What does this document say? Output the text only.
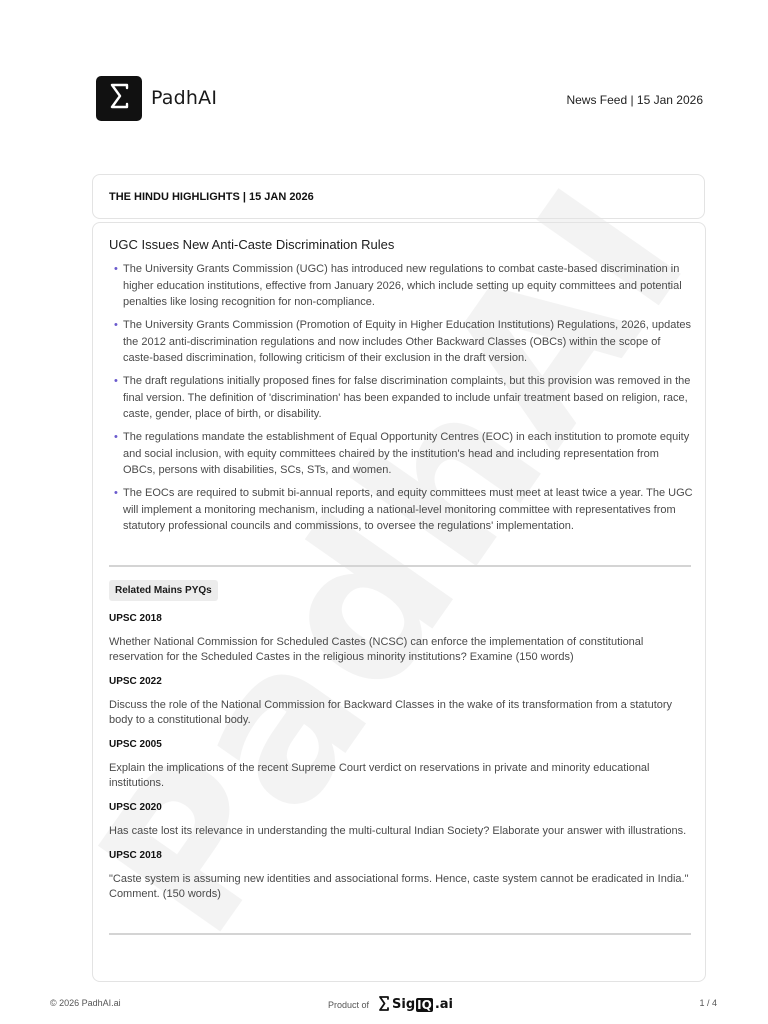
PadhAI	News Feed | 15 Jan 2026
THE HINDU HIGHLIGHTS | 15 JAN 2026
UGC Issues New Anti-Caste Discrimination Rules
• The University Grants Commission (UGC) has introduced new regulations to combat caste-based discrimination in higher education institutions, effective from January 2026, which include setting up equity committees and potential penalties like losing recognition for non-compliance.
• The University Grants Commission (Promotion of Equity in Higher Education Institutions) Regulations, 2026, updates the 2012 anti-discrimination regulations and now includes Other Backward Classes (OBCs) within the scope of caste-based discrimination, following criticism of their exclusion in the draft version.
• The draft regulations initially proposed fines for false discrimination complaints, but this provision was removed in the final version. The definition of 'discrimination' has been expanded to include unfair treatment based on religion, race, caste, gender, place of birth, or disability.
• The regulations mandate the establishment of Equal Opportunity Centres (EOC) in each institution to promote equity and social inclusion, with equity committees chaired by the institution's head and including representation from OBCs, persons with disabilities, SCs, STs, and women.
• The EOCs are required to submit bi-annual reports, and equity committees must meet at least twice a year. The UGC will implement a monitoring mechanism, including a national-level monitoring committee with representatives from statutory professional councils and commissions, to oversee the regulations' implementation.
Related Mains PYQs
UPSC 2018
Whether National Commission for Scheduled Castes (NCSC) can enforce the implementation of constitutional reservation for the Scheduled Castes in the religious minority institutions? Examine (150 words)
UPSC 2022
Discuss the role of the National Commission for Backward Classes in the wake of its transformation from a statutory body to a constitutional body.
UPSC 2005
Explain the implications of the recent Supreme Court verdict on reservations in private and minority educational institutions.
UPSC 2020
Has caste lost its relevance in understanding the multi-cultural Indian Society? Elaborate your answer with illustrations.
UPSC 2018
"Caste system is assuming new identities and associational forms. Hence, caste system cannot be eradicated in India." Comment. (150 words)
© 2026 PadhAI.ai	Product of Sig IQ .ai	1 / 4
